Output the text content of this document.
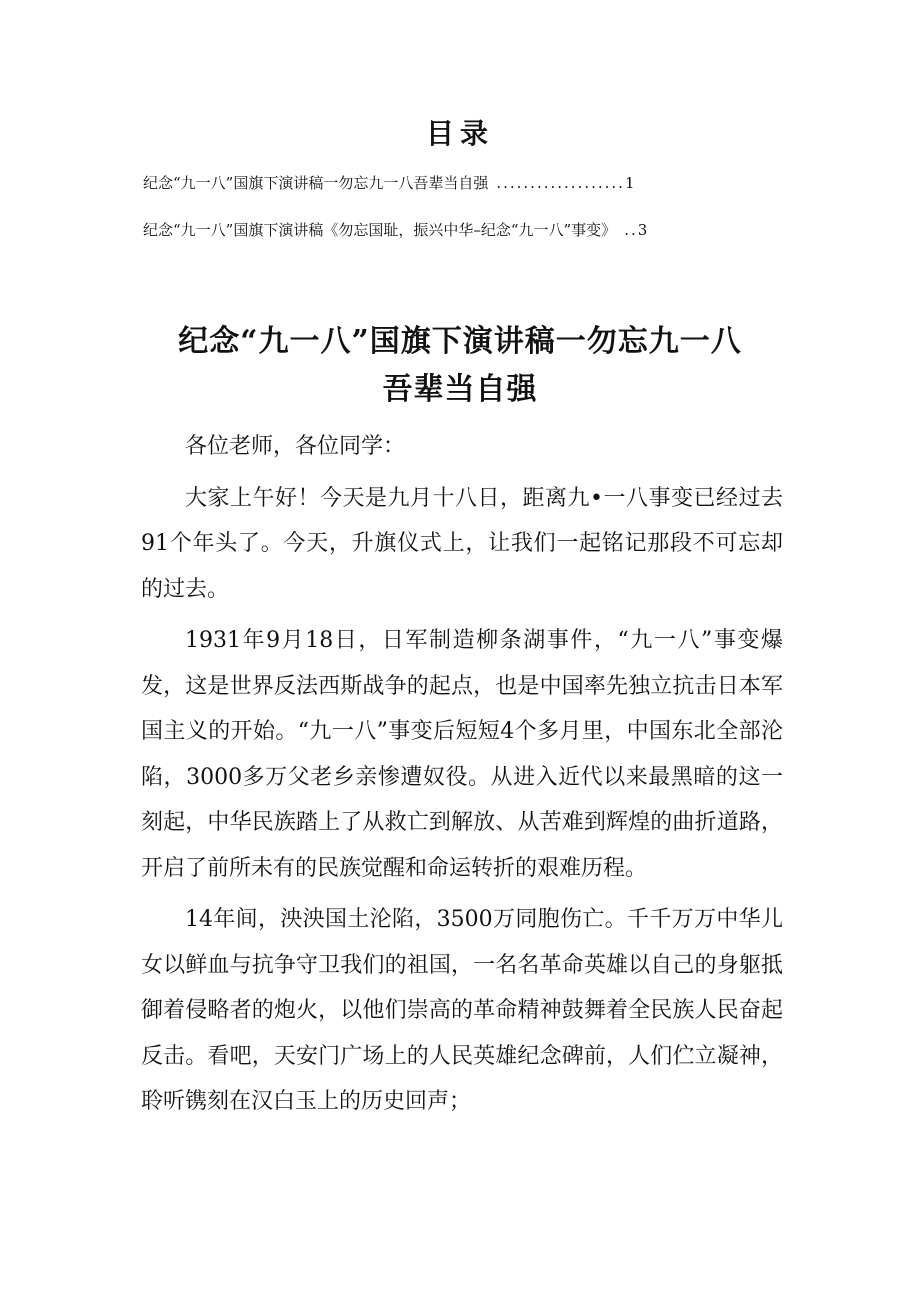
目录
纪念“九一八”国旗下演讲稿一勿忘九一八吾辈当自强 ...................1
纪念“九一八”国旗下演讲稿《勿忘国耻，振兴中华–纪念“九一八”事变》 ..3
纪念“九一八”国旗下演讲稿一勿忘九一八
吾辈当自强

各位老师，各位同学：

大家上午好！今天是九月十八日，距离九•一八事变已经过去91个年头了。今天，升旗仪式上，让我们一起铭记那段不可忘却的过去。

1931年9月18日，日军制造柳条湖事件，“九一八”事变爆发，这是世界反法西斯战争的起点，也是中国率先独立抗击日本军国主义的开始。“九一八”事变后短短4个多月里，中国东北全部沦陷，3000多万父老乡亲惨遭奴役。从进入近代以来最黑暗的这一刻起，中华民族踏上了从救亡到解放、从苦难到辉煌的曲折道路，开启了前所未有的民族觉醒和命运转折的艰难历程。

14年间，泱泱国土沦陷，3500万同胞伤亡。千千万万中华儿女以鲜血与抗争守卫我们的祖国，一名名革命英雄以自己的身躯抵御着侵略者的炮火，以他们崇高的革命精神鼓舞着全民族人民奋起反击。看吧，天安门广场上的人民英雄纪念碑前，人们伫立凝神，聆听镌刻在汉白玉上的历史回声；
